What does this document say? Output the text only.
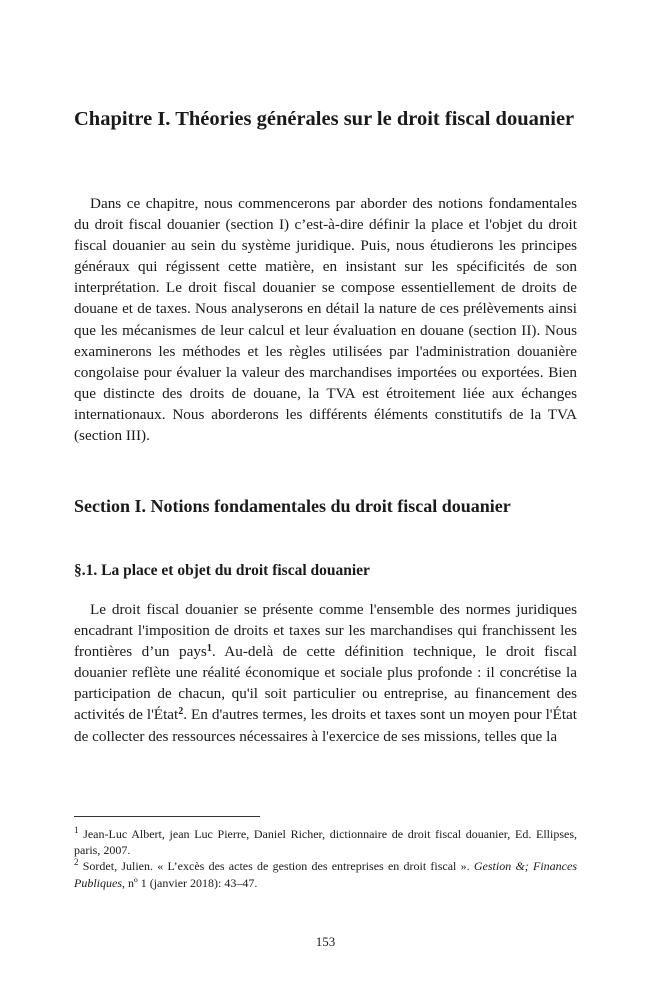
Chapitre I. Théories générales sur le droit fiscal douanier

Dans ce chapitre, nous commencerons par aborder des notions fondamentales du droit fiscal douanier (section I) c’est-à-dire définir la place et l'objet du droit fiscal douanier au sein du système juridique. Puis, nous étudierons les principes généraux qui régissent cette matière, en insistant sur les spécificités de son interprétation. Le droit fiscal douanier se compose essentiellement de droits de douane et de taxes. Nous analyserons en détail la nature de ces prélèvements ainsi que les mécanismes de leur calcul et leur évaluation en douane (section II). Nous examinerons les méthodes et les règles utilisées par l'administration douanière congolaise pour évaluer la valeur des marchandises importées ou exportées. Bien que distincte des droits de douane, la TVA est étroitement liée aux échanges internationaux. Nous aborderons les différents éléments constitutifs de la TVA (section III).

Section I. Notions fondamentales du droit fiscal douanier
§.1. La place et objet du droit fiscal douanier

Le droit fiscal douanier se présente comme l'ensemble des normes juridiques encadrant l'imposition de droits et taxes sur les marchandises qui franchissent les frontières d’un pays$^1$. Au-delà de cette définition technique, le droit fiscal douanier reflète une réalité économique et sociale plus profonde : il concrétise la participation de chacun, qu'il soit particulier ou entreprise, au financement des activités de l'État$^2$. En d'autres termes, les droits et taxes sont un moyen pour l'État de collecter des ressources nécessaires à l'exercice de ses missions, telles que la

$^1$ Jean-Luc Albert, jean Luc Pierre, Daniel Richer, dictionnaire de droit fiscal douanier, Ed. Ellipses, paris, 2007.

$^2$ Sordet, Julien. « L’excès des actes de gestion des entreprises en droit fiscal ». Gestion &; Finances Publiques, nº 1 (janvier 2018): 43–47.

153
